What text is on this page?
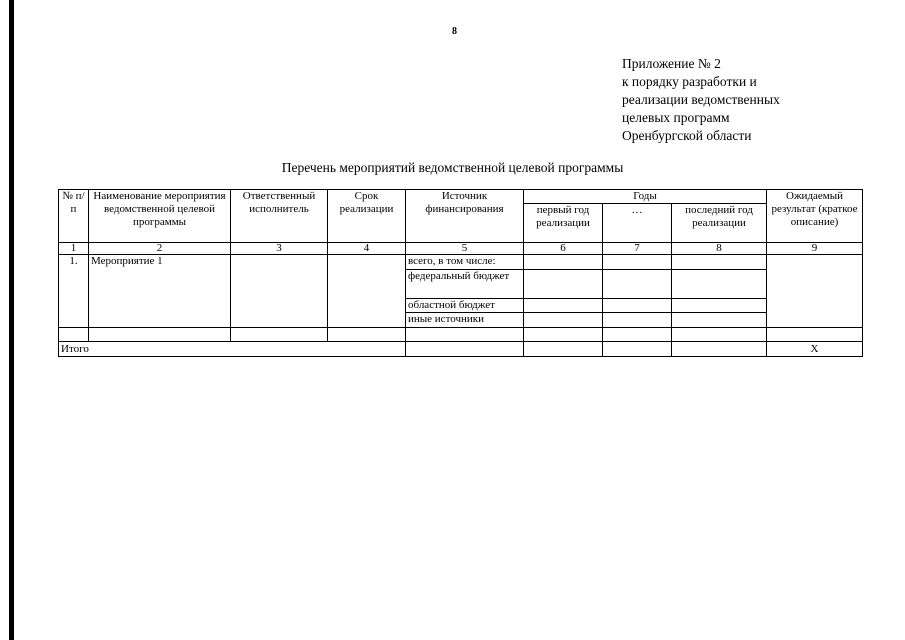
8
Приложение № 2
к порядку разработки и
реализации ведомственных
целевых программ
Оренбургской области
Перечень мероприятий ведомственной целевой программы
№ п/п	Наименование мероприятия ведомственной целевой программы	Ответственный исполнитель	Срок реализации	Источник финансирования	Годы			Ожидаемый результат (краткое описание)
					первый год реализации	…	последний год реализации	
1	2	3	4	5	6	7	8	9
1.	Мероприятие 1			всего, в том числе:				
				федеральный бюджет				
				областной бюджет				
				иные источники				

Итого								Х
